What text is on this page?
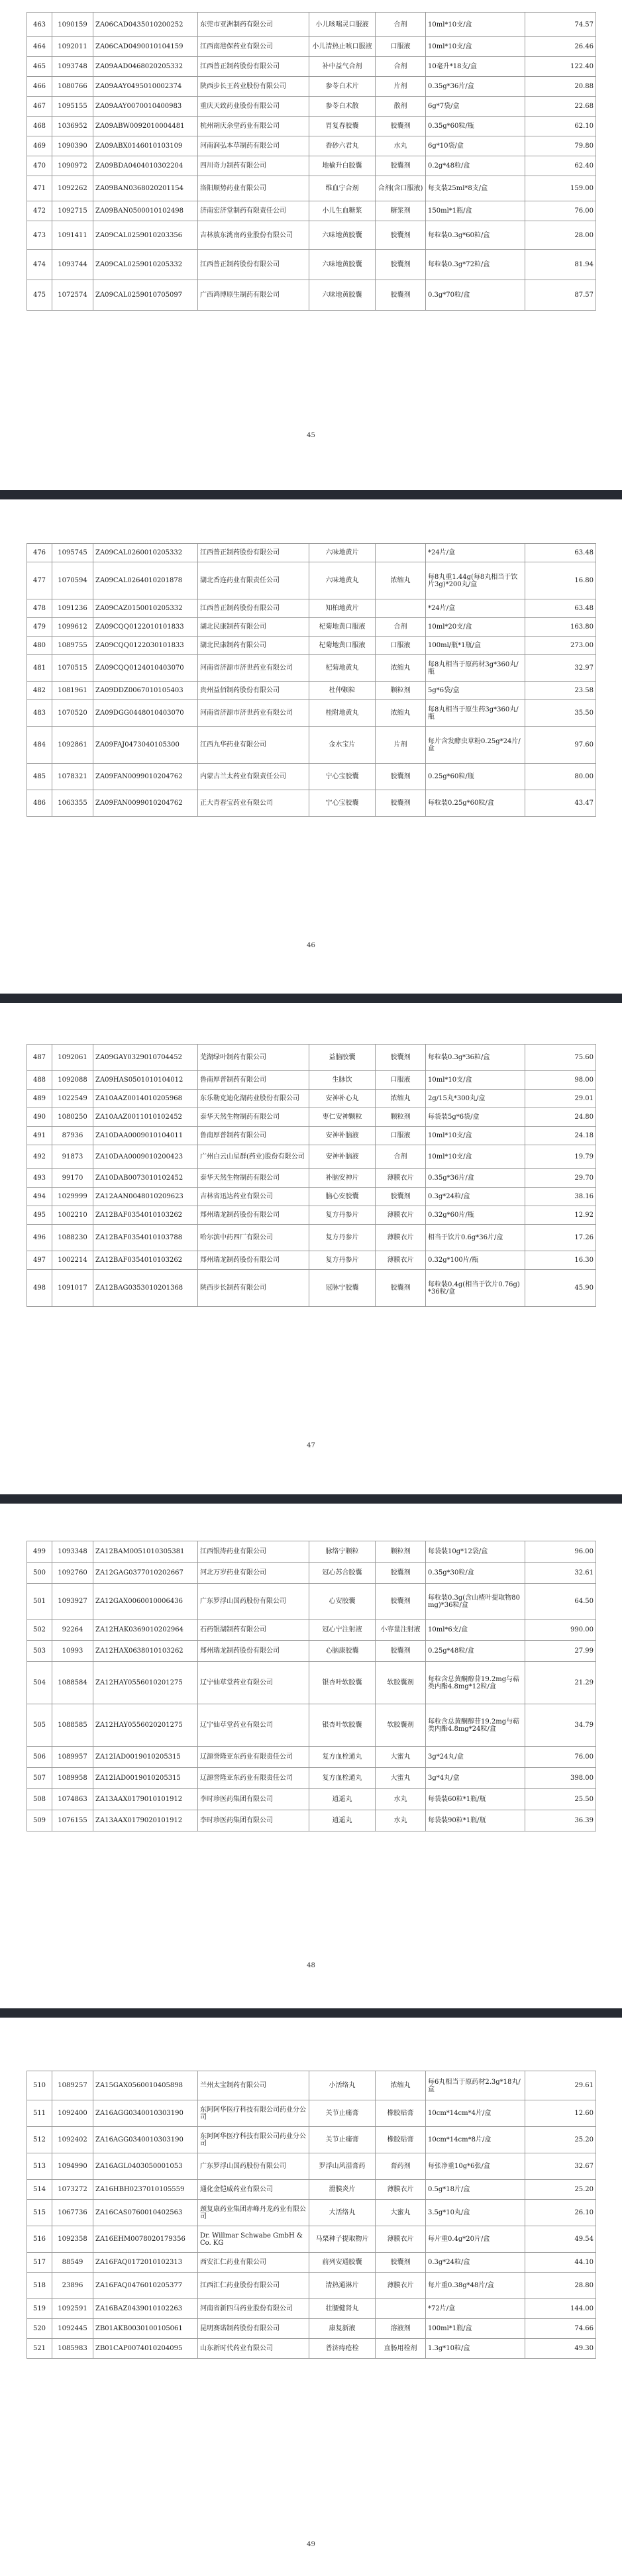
463	1090159	ZA06CAD0435010200252	东莞市亚洲制药有限公司	小儿咳喘灵口服液	合剂	10ml*10支/盒	74.57
464	1092011	ZA06CAD0490010104159	江西南港保药业有限公司	小儿清热止咳口服液	口服液	10ml*10支/盒	26.46
465	1093748	ZA09AAD0468020205332	江西普正制药股份有限公司	补中益气合剂	合剂	10毫升*18支/盒	122.40
466	1080766	ZA09AAY0495010002374	陕西步长王药业股份有限公司	参苓白术片	片剂	0.35g*36片/盒	20.88
467	1095155	ZA09AAY0070010400983	重庆天致药业股份有限公司	参苓白术散	散剂	6g*7袋/盒	22.68
468	1036952	ZA09ABW0092010004481	杭州胡庆余堂药业有限公司	胃复春胶囊	胶囊剂	0.35g*60粒/瓶	62.10
469	1090390	ZA09ABX0146010103109	河南润弘本草制药有限公司	香砂六君丸	水丸	6g*10袋/盒	79.80
470	1090972	ZA09BDA0404010302204	四川奇力制药有限公司	地榆升白胶囊	胶囊剂	0.2g*48粒/盒	62.40
471	1092262	ZA09BAN0368020201154	洛阳顺势药业有限公司	维血宁合剂	合剂(含口服液)	每支装25ml*8支/盒	159.00
472	1092715	ZA09BAN0500010102498	济南宏济堂制药有限责任公司	小儿生血糖浆	糖浆剂	150ml*1瓶/盒	76.00
473	1091411	ZA09CAL0259010203356	吉林敖东洮南药业股份有限公司	六味地黄胶囊	胶囊剂	每粒装0.3g*60粒/盒	28.00
474	1093744	ZA09CAL0259010205332	江西普正制药股份有限公司	六味地黄胶囊	胶囊剂	每粒装0.3g*72粒/盒	81.94
475	1072574	ZA09CAL0259010705097	广西鸿博原生制药有限公司	六味地黄胶囊	胶囊剂	0.3g*70粒/盒	87.57
45
476	1095745	ZA09CAL0260010205332	江西普正制药股份有限公司	六味地黄片		*24片/盒	63.48
477	1070594	ZA09CAL0264010201878	湖北香连药业有限责任公司	六味地黄丸	浓缩丸	每8丸重1.44g(每8丸相当于饮片3g)*200丸/盒	16.80
478	1091236	ZA09CAZ0150010205332	江西普正制药股份有限公司	知柏地黄片		*24片/盒	63.48
479	1099612	ZA09CQQ0122010101833	湖北民康制药有限公司	杞菊地黄口服液	合剂	10ml*20支/盒	163.80
480	1089755	ZA09CQQ0122030101833	湖北民康制药有限公司	杞菊地黄口服液	口服液	100ml/瓶*1瓶/盒	273.00
481	1070515	ZA09CQQ0124010403070	河南省济源市济世药业有限公司	杞菊地黄丸	浓缩丸	每8丸相当于原药材3g*360丸/瓶	32.97
482	1081961	ZA09DDZ0067010105403	贵州益佰制药股份有限公司	杜仲颗粒	颗粒剂	5g*6袋/盒	23.58
483	1070520	ZA09DGG0448010403070	河南省济源市济世药业有限公司	桂附地黄丸	浓缩丸	每8丸相当于原生药3g*360丸/瓶	35.50
484	1092861	ZA09FAJ0473040105300	江西九华药业有限公司	金水宝片	片剂	每片含发酵虫草粉0.25g*24片/盒	97.60
485	1078321	ZA09FAN0099010204762	内蒙古兰太药业有限责任公司	宁心宝胶囊	胶囊剂	0.25g*60粒/瓶	80.00
486	1063355	ZA09FAN0099010204762	正大青春宝药业有限公司	宁心宝胶囊	胶囊剂	每粒装0.25g*60粒/盒	43.47
46
487	1092061	ZA09GAY0329010704452	芜湖绿叶制药有限公司	益脑胶囊	胶囊剂	每粒装0.3g*36粒/盒	75.60
488	1092088	ZA09HAS0501010104012	鲁南厚普制药有限公司	生脉饮	口服液	10ml*10支/盒	98.00
489	1022549	ZA10AAZ0014010205968	东乐勒克迪化湖药业股份有限公司	安神补心丸	浓缩丸	2g/15丸*300丸/盒	29.01
490	1080250	ZA10AAZ0011010102452	泰华天然生物制药有限公司	枣仁安神颗粒	颗粒剂	每袋装5g*6袋/盒	24.80
491	87936	ZA10DAA0009010104011	鲁南厚普制药有限公司	安神补脑液	口服液	10ml*10支/盒	24.18
492	91873	ZA10DAA0009010200423	广州白云山星群(药业)股份有限公司	安神补脑液	合剂	10ml*10支/盒	19.79
493	99170	ZA10DAB0073010102452	泰华天然生物制药有限公司	补脑安神片	薄膜衣片	0.35g*36片/盒	29.70
494	1029999	ZA12AAN0048010209623	吉林省迅达药业有限公司	脑心安胶囊	胶囊剂	0.3g*24粒/盒	38.16
495	1002210	ZA12BAF0354010103262	郑州瑞龙制药股份有限公司	复方丹参片	薄膜衣片	0.32g*60片/瓶	12.92
496	1088230	ZA12BAF0354010103788	哈尔滨中药四厂有限公司	复方丹参片	薄膜衣片	相当于饮片0.6g*36片/盒	17.26
497	1002214	ZA12BAF0354010103262	郑州瑞龙制药股份有限公司	复方丹参片	薄膜衣片	0.32g*100片/瓶	16.30
498	1091017	ZA12BAG0353010201368	陕西步长制药有限公司	冠脉宁胶囊	胶囊剂	每粒装0.4g(相当于饮片0.76g)*36粒/盒	45.90
47
499	1093348	ZA12BAM0051010305381	江西银涛药业有限公司	脉络宁颗粒	颗粒剂	每袋装10g*12袋/盒	96.00
500	1092760	ZA12GAG0377010202667	河北万岁药业有限公司	冠心苏合胶囊	胶囊剂	0.35g*30粒/盒	32.61
501	1093927	ZA12GAX0060010006436	广东罗浮山国药股份有限公司	心安胶囊	胶囊剂	每粒装0.3g(含山楂叶提取物80mg)*36粒/盒	64.50
502	92264	ZA12HAK0369010202964	石药银湖制药有限公司	冠心宁注射液	小容量注射液	10ml*6支/盒	990.00
503	10993	ZA12HAX0638010103262	郑州瑞龙制药股份有限公司	心脑康胶囊	胶囊剂	0.25g*48粒/盒	27.99
504	1088584	ZA12HAY0556010201275	辽宁仙草堂药业有限公司	银杏叶软胶囊	软胶囊剂	每粒含总黄酮醇苷19.2mg与萜类内酯4.8mg*12粒/盒	21.29
505	1088585	ZA12HAY0556020201275	辽宁仙草堂药业有限公司	银杏叶软胶囊	软胶囊剂	每粒含总黄酮醇苷19.2mg与萜类内酯4.8mg*24粒/盒	34.79
506	1089957	ZA12IAD0019010205315	辽源誉隆亚东药业有限责任公司	复方血栓通丸	大蜜丸	3g*24丸/盒	76.00
507	1089958	ZA12IAD0019010205315	辽源誉隆亚东药业有限责任公司	复方血栓通丸	大蜜丸	3g*4丸/盒	398.00
508	1074863	ZA13AAX0179010101912	李时珍医药集团有限公司	逍遥丸	水丸	每袋装60粒*1瓶/瓶	25.50
509	1076155	ZA13AAX0179020101912	李时珍医药集团有限公司	逍遥丸	水丸	每袋装90粒*1瓶/瓶	36.39
48
510	1089257	ZA15GAX0560010405898	兰州太宝制药有限公司	小活络丸	浓缩丸	每6丸相当于原药材2.3g*18丸/盒	29.61
511	1092400	ZA16AGG0340010303190	东阿阿华医疗科技有限公司药业分公司	关节止痛膏	橡胶贴膏	10cm*14cm*4片/盒	12.60
512	1092402	ZA16AGG0340010303190	东阿阿华医疗科技有限公司药业分公司	关节止痛膏	橡胶贴膏	10cm*14cm*8片/盒	25.20
513	1094990	ZA16AGL0403050001053	广东罗浮山国药股份有限公司	罗浮山风湿膏药	膏药剂	每张净重10g*6张/盒	32.67
514	1073272	ZA16HBH0237010105559	通化金恺威药业有限公司	滑膜炎片	薄膜衣片	0.5g*18片/盒	25.20
515	1067736	ZA16CAS0760010402563	颈复康药业集团赤峰丹龙药业有限公司	大活络丸	大蜜丸	3.5g*10丸/盒	26.10
516	1092358	ZA16EHM0078020179356	Dr. Willmar Schwabe GmbH & Co. KG	马栗种子提取物片	薄膜衣片	每片重0.4g*20片/盒	49.54
517	88549	ZA16FAQ0172010102313	西安汇仁药业有限公司	前列安通胶囊	胶囊剂	0.3g*24粒/盒	44.10
518	23896	ZA16FAQ0476010205377	江西汇仁药业股份有限公司	清热通淋片	薄膜衣片	每片重0.38g*48片/盒	28.80
519	1092591	ZA16BAZ0439010102263	河南省新四马药业股份有限公司	壮腰健肾丸		*72片/盒	144.00
520	1092445	ZB01AKB0030100105061	昆明赛诺制药股份有限公司	康复新液	溶液剂	100ml*1瓶/盒	74.66
521	1085983	ZB01CAP0074010204095	山东新时代药业有限公司	普济痔疮栓	直肠用栓剂	1.3g*10粒/盒	49.30
49
